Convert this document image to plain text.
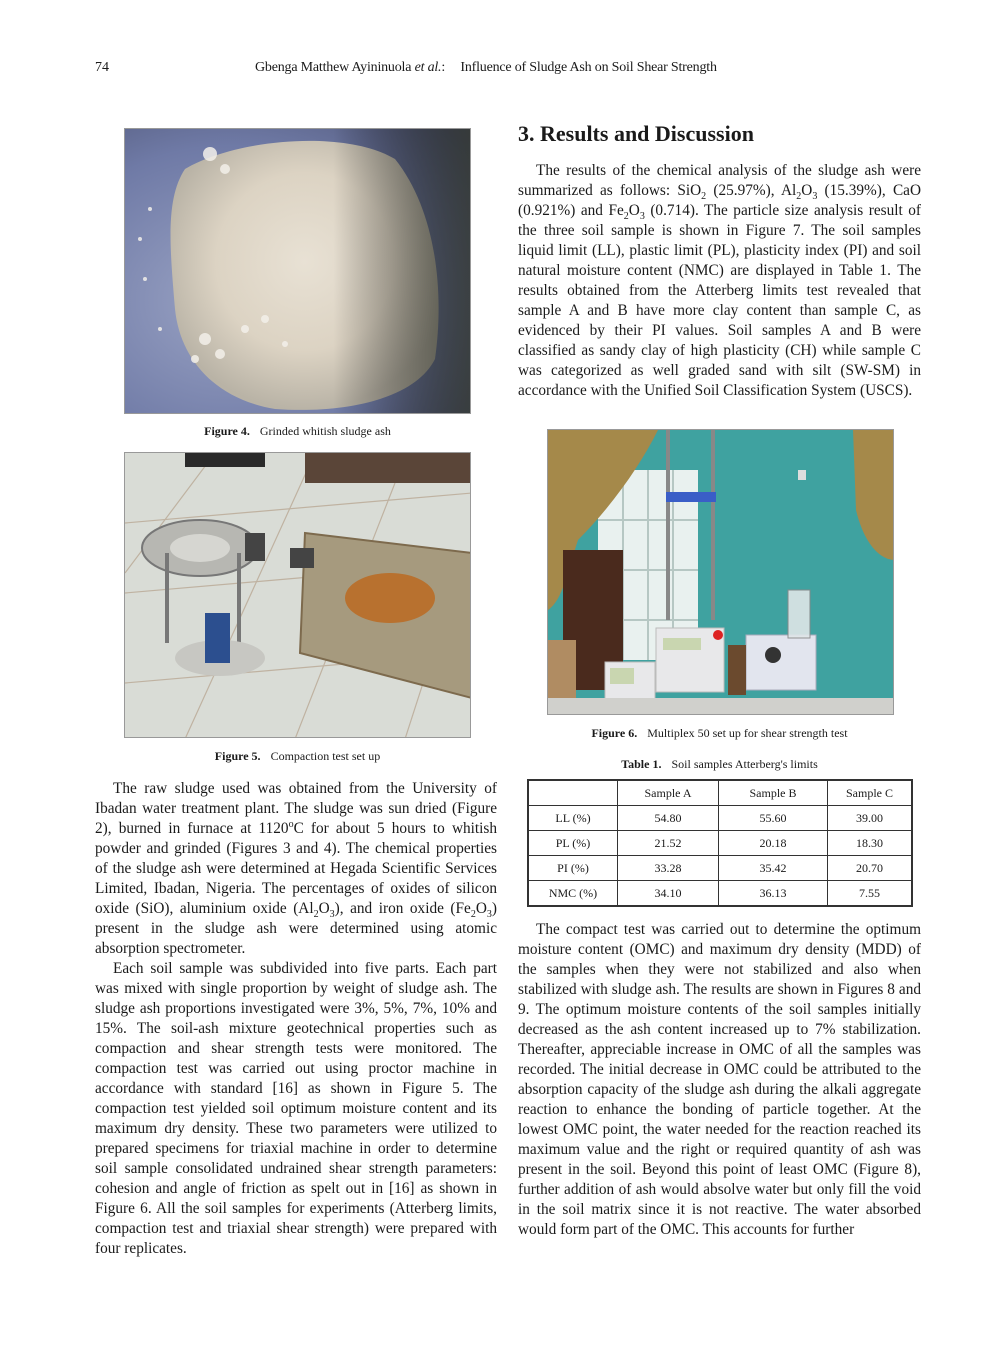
74	Gbenga Matthew Ayininuola et al.: Influence of Sludge Ash on Soil Shear Strength
Figure 4. Grinded whitish sludge ash
Figure 5. Compaction test set up

The raw sludge used was obtained from the University of Ibadan water treatment plant. The sludge was sun dried (Figure 2), burned in furnace at 1120$^o$C for about 5 hours to whitish powder and grinded (Figures 3 and 4). The chemical properties of the sludge ash were determined at Hegada Scientific Services Limited, Ibadan, Nigeria. The percentages of oxides of silicon oxide (SiO), aluminium oxide $(Al_2O_3)$, and iron oxide $(Fe_2O_3)$ present in the sludge ash were determined using atomic absorption spectrometer.

Each soil sample was subdivided into five parts. Each part was mixed with single proportion by weight of sludge ash. The sludge ash proportions investigated were 3%, 5%, 7%, 10% and 15%. The soil-ash mixture geotechnical properties such as compaction and shear strength tests were monitored. The compaction test was carried out using proctor machine in accordance with standard [16] as shown in Figure 5. The compaction test yielded soil optimum moisture content and its maximum dry density. These two parameters were utilized to prepared specimens for triaxial machine in order to determine soil sample consolidated undrained shear strength parameters: cohesion and angle of friction as spelt out in [16] as shown in Figure 6. All the soil samples for experiments (Atterberg limits, compaction test and triaxial shear strength) were prepared with four replicates.

3. Results and Discussion

The results of the chemical analysis of the sludge ash were summarized as follows: SiO$_2$ (25.97%), $Al_2O_3$ (15.39%), CaO (0.921%) and $Fe_2O_3$ (0.714). The particle size analysis result of the three soil sample is shown in Figure 7. The soil samples liquid limit (LL), plastic limit (PL), plasticity index (PI) and soil natural moisture content (NMC) are displayed in Table 1. The results obtained from the Atterberg limits test revealed that sample A and B have more clay content than sample C, as evidenced by their PI values. Soil samples A and B were classified as sandy clay of high plasticity (CH) while sample C was categorized as well graded sand with silt (SW-SM) in accordance with the Unified Soil Classification System (USCS).

Figure 6. Multiplex 50 set up for shear strength test
Table 1. Soil samples Atterberg's limits
	Sample A	Sample B	Sample C
LL (%)	54.80	55.60	39.00
PL (%)	21.52	20.18	18.30
PI (%)	33.28	35.42	20.70
NMC (%)	34.10	36.13	7.55

The compact test was carried out to determine the optimum moisture content (OMC) and maximum dry density (MDD) of the samples when they were not stabilized and also when stabilized with sludge ash. The results are shown in Figures 8 and 9. The optimum moisture contents of the soil samples initially decreased as the ash content increased up to 7% stabilization. Thereafter, appreciable increase in OMC of all the samples was recorded. The initial decrease in OMC could be attributed to the absorption capacity of the sludge ash during the alkali aggregate reaction to enhance the bonding of particle together. At the lowest OMC point, the water needed for the reaction reached its maximum value and the right or required quantity of ash was present in the soil. Beyond this point of least OMC (Figure 8), further addition of ash would absolve water but only fill the void in the soil matrix since it is not reactive. The water absorbed would form part of the OMC. This accounts for further
